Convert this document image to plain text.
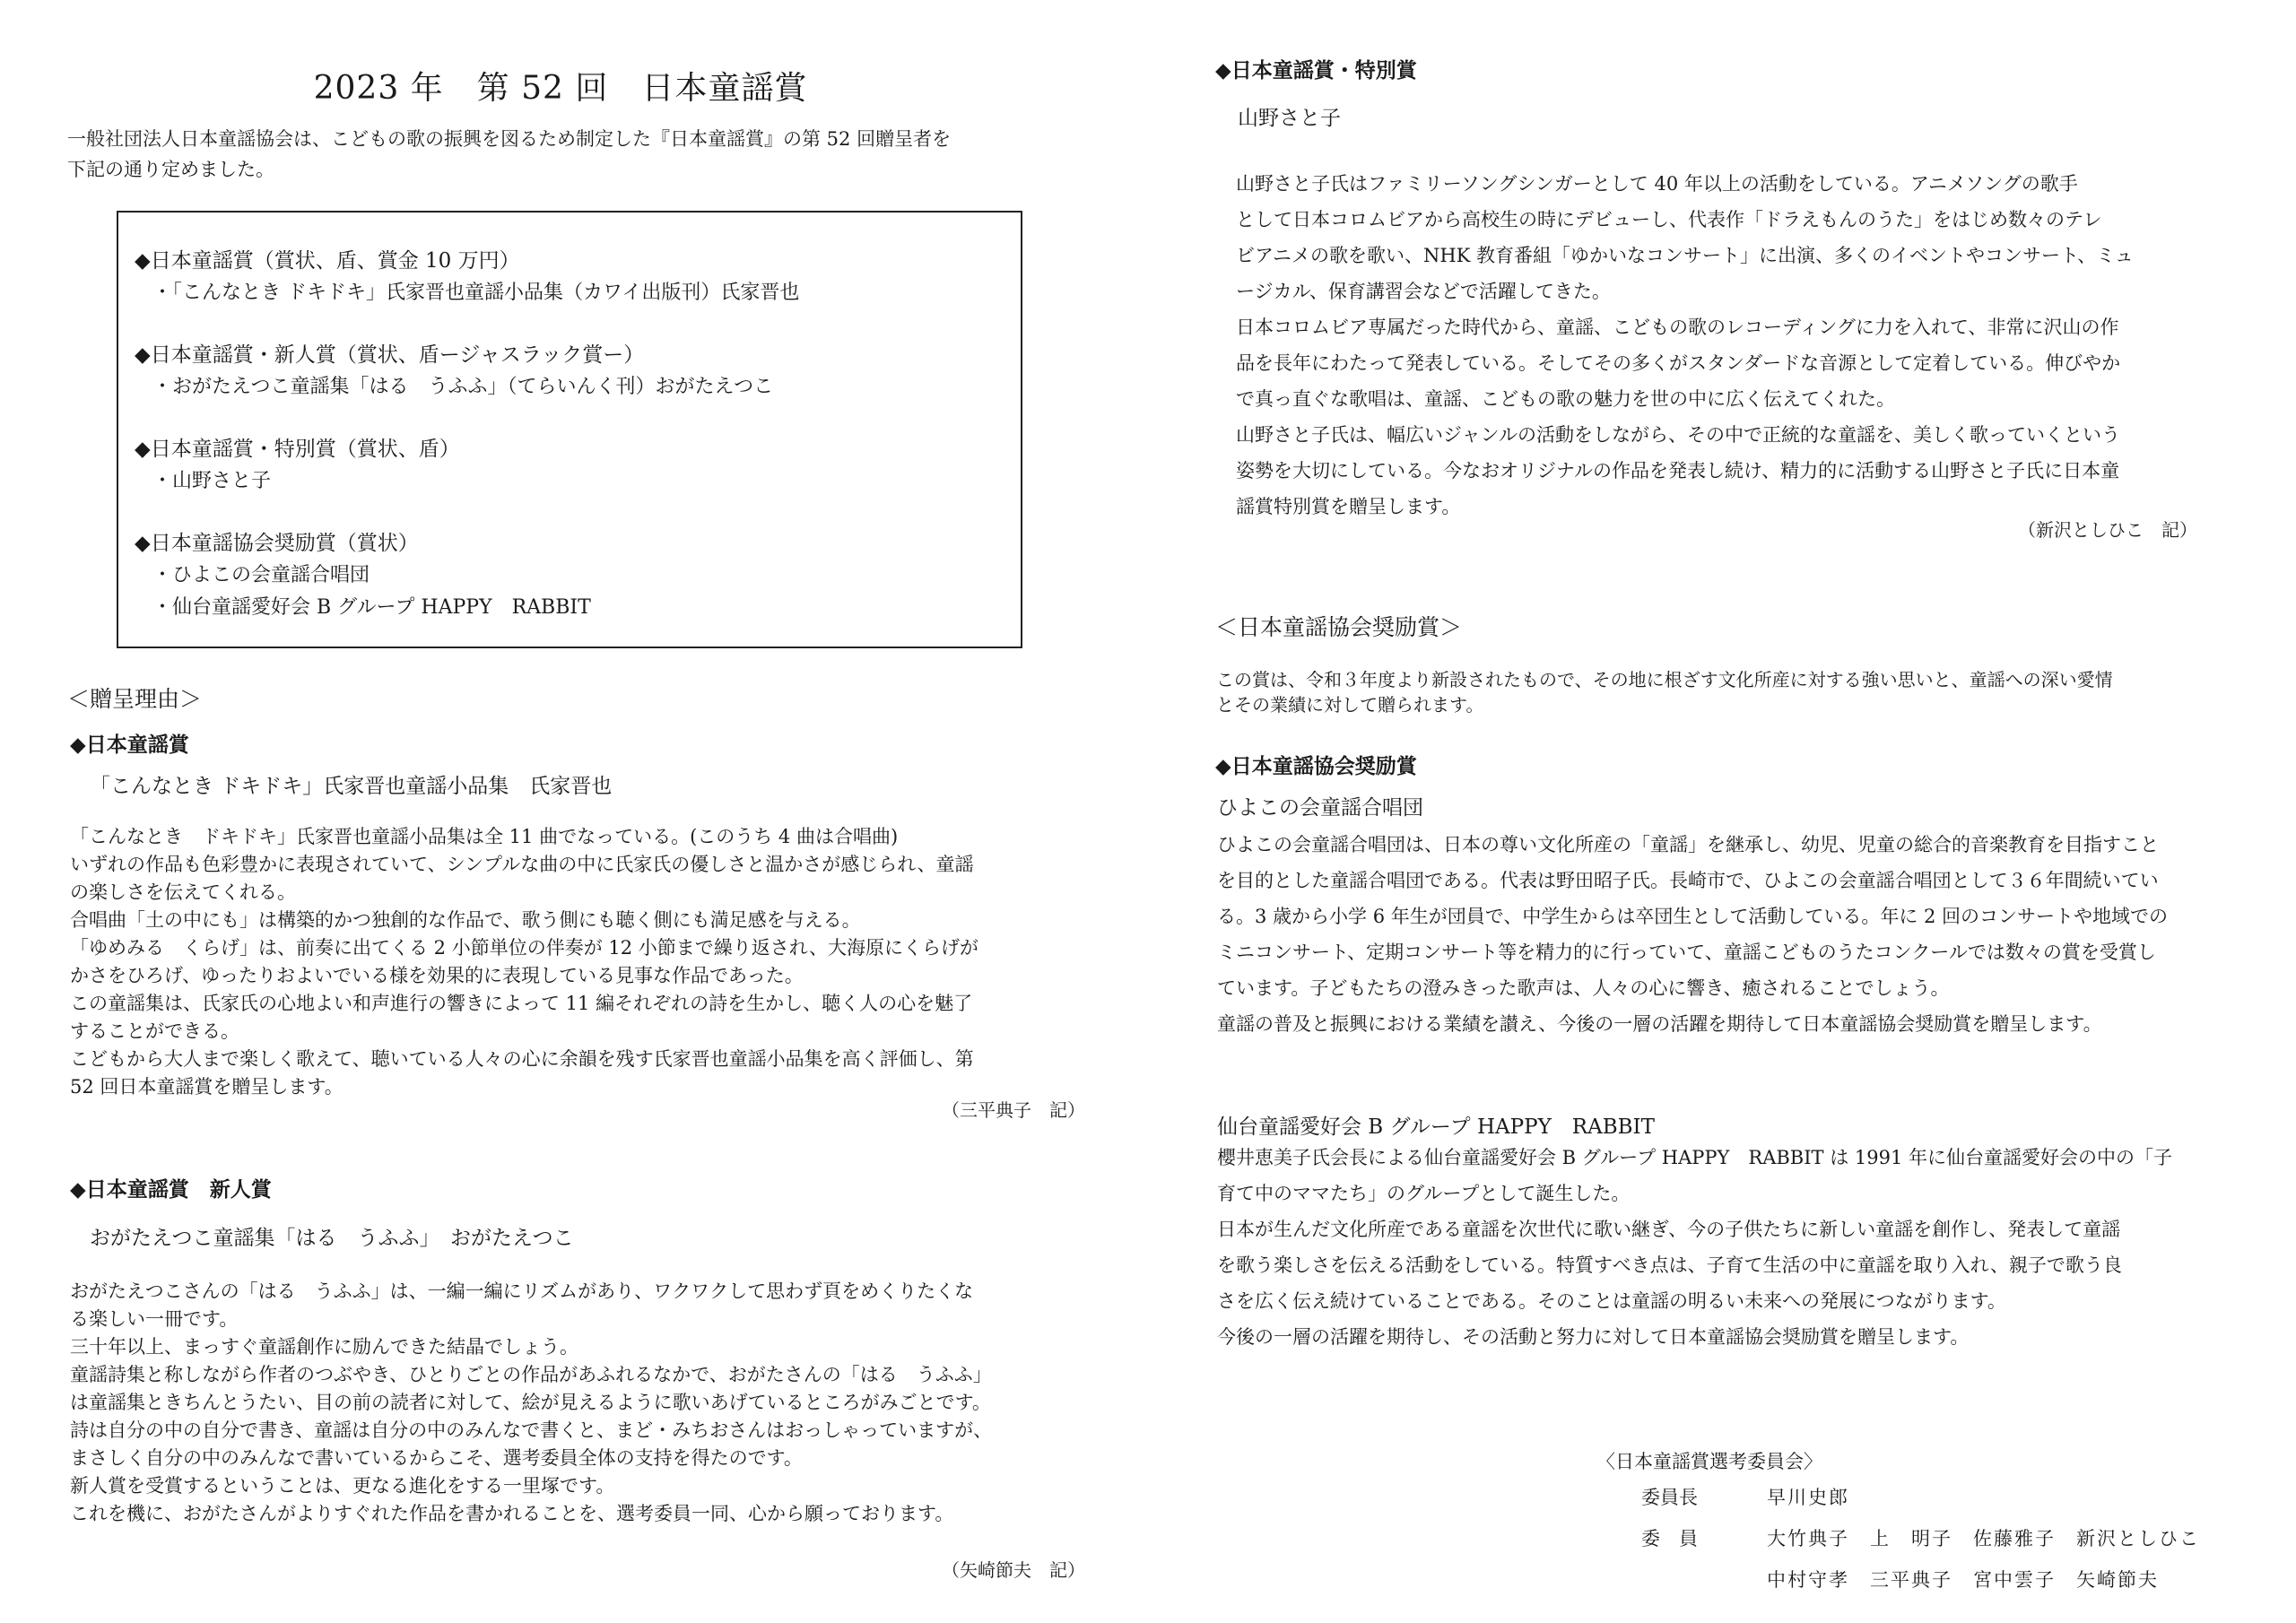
2023 年　第 52 回　日本童謡賞

一般社団法人日本童謡協会は、こどもの歌の振興を図るため制定した『日本童謡賞』の第 52 回贈呈者を

下記の通り定めました。

◆日本童謡賞（賞状、盾、賞金 10 万円）
・「こんなとき ドキドキ」氏家晋也童謡小品集（カワイ出版刊）氏家晋也
◆日本童謡賞・新人賞（賞状、盾ージャスラック賞ー）
・おがたえつこ童謡集「はる　うふふ」（てらいんく刊）おがたえつこ
◆日本童謡賞・特別賞（賞状、盾）
・山野さと子
◆日本童謡協会奨励賞（賞状）
・ひよこの会童謡合唱団
・仙台童謡愛好会 B グループ HAPPY　RABBIT
＜贈呈理由＞
◆日本童謡賞
「こんなとき ドキドキ」氏家晋也童謡小品集　氏家晋也

「こんなとき　ドキドキ」氏家晋也童謡小品集は全 11 曲でなっている。(このうち 4 曲は合唱曲)

いずれの作品も色彩豊かに表現されていて、シンプルな曲の中に氏家氏の優しさと温かさが感じられ、童謡

の楽しさを伝えてくれる。

合唱曲「土の中にも」は構築的かつ独創的な作品で、歌う側にも聴く側にも満足感を与える。

「ゆめみる　くらげ」は、前奏に出てくる 2 小節単位の伴奏が 12 小節まで繰り返され、大海原にくらげが

かさをひろげ、ゆったりおよいでいる様を効果的に表現している見事な作品であった。

この童謡集は、氏家氏の心地よい和声進行の響きによって 11 編それぞれの詩を生かし、聴く人の心を魅了

することができる。

こどもから大人まで楽しく歌えて、聴いている人々の心に余韻を残す氏家晋也童謡小品集を高く評価し、第

52 回日本童謡賞を贈呈します。

（三平典子　記）
◆日本童謡賞　新人賞
おがたえつこ童謡集「はる　うふふ」　おがたえつこ

おがたえつこさんの「はる　うふふ」は、一編一編にリズムがあり、ワクワクして思わず頁をめくりたくな

る楽しい一冊です。

三十年以上、まっすぐ童謡創作に励んできた結晶でしょう。

童謡詩集と称しながら作者のつぶやき、ひとりごとの作品があふれるなかで、おがたさんの「はる　うふふ」

は童謡集ときちんとうたい、目の前の読者に対して、絵が見えるように歌いあげているところがみごとです。

詩は自分の中の自分で書き、童謡は自分の中のみんなで書くと、まど・みちおさんはおっしゃっていますが、

まさしく自分の中のみんなで書いているからこそ、選考委員全体の支持を得たのです。

新人賞を受賞するということは、更なる進化をする一里塚です。

これを機に、おがたさんがよりすぐれた作品を書かれることを、選考委員一同、心から願っております。

（矢崎節夫　記）
◆日本童謡賞・特別賞
山野さと子

山野さと子氏はファミリーソングシンガーとして 40 年以上の活動をしている。アニメソングの歌手

として日本コロムビアから高校生の時にデビューし、代表作「ドラえもんのうた」をはじめ数々のテレ

ビアニメの歌を歌い、NHK 教育番組「ゆかいなコンサート」に出演、多くのイベントやコンサート、ミュ

ージカル、保育講習会などで活躍してきた。

日本コロムビア専属だった時代から、童謡、こどもの歌のレコーディングに力を入れて、非常に沢山の作

品を長年にわたって発表している。そしてその多くがスタンダードな音源として定着している。伸びやか

で真っ直ぐな歌唱は、童謡、こどもの歌の魅力を世の中に広く伝えてくれた。

山野さと子氏は、幅広いジャンルの活動をしながら、その中で正統的な童謡を、美しく歌っていくという

姿勢を大切にしている。今なおオリジナルの作品を発表し続け、精力的に活動する山野さと子氏に日本童

謡賞特別賞を贈呈します。

（新沢としひこ　記）
＜日本童謡協会奨励賞＞

この賞は、令和３年度より新設されたもので、その地に根ざす文化所産に対する強い思いと、童謡への深い愛情

とその業績に対して贈られます。

◆日本童謡協会奨励賞
ひよこの会童謡合唱団

ひよこの会童謡合唱団は、日本の尊い文化所産の「童謡」を継承し、幼児、児童の総合的音楽教育を目指すこと

を目的とした童謡合唱団である。代表は野田昭子氏。長崎市で、ひよこの会童謡合唱団として３６年間続いてい

る。3 歳から小学 6 年生が団員で、中学生からは卒団生として活動している。年に 2 回のコンサートや地域での

ミニコンサート、定期コンサート等を精力的に行っていて、童謡こどものうたコンクールでは数々の賞を受賞し

ています。子どもたちの澄みきった歌声は、人々の心に響き、癒されることでしょう。

童謡の普及と振興における業績を讃え、今後の一層の活躍を期待して日本童謡協会奨励賞を贈呈します。

仙台童謡愛好会 B グループ HAPPY　RABBIT

櫻井恵美子氏会長による仙台童謡愛好会 B グループ HAPPY　RABBIT は 1991 年に仙台童謡愛好会の中の「子

育て中のママたち」のグループとして誕生した。

日本が生んだ文化所産である童謡を次世代に歌い継ぎ、今の子供たちに新しい童謡を創作し、発表して童謡

を歌う楽しさを伝える活動をしている。特質すべき点は、子育て生活の中に童謡を取り入れ、親子で歌う良

さを広く伝え続けていることである。そのことは童謡の明るい未来への発展につながります。

今後の一層の活躍を期待し、その活動と努力に対して日本童謡協会奨励賞を贈呈します。

〈日本童謡賞選考委員会〉
委員長	早川史郎
委　員	大竹典子　上　明子　佐藤雅子　新沢としひこ
中村守孝　三平典子　宮中雲子　矢崎節夫
